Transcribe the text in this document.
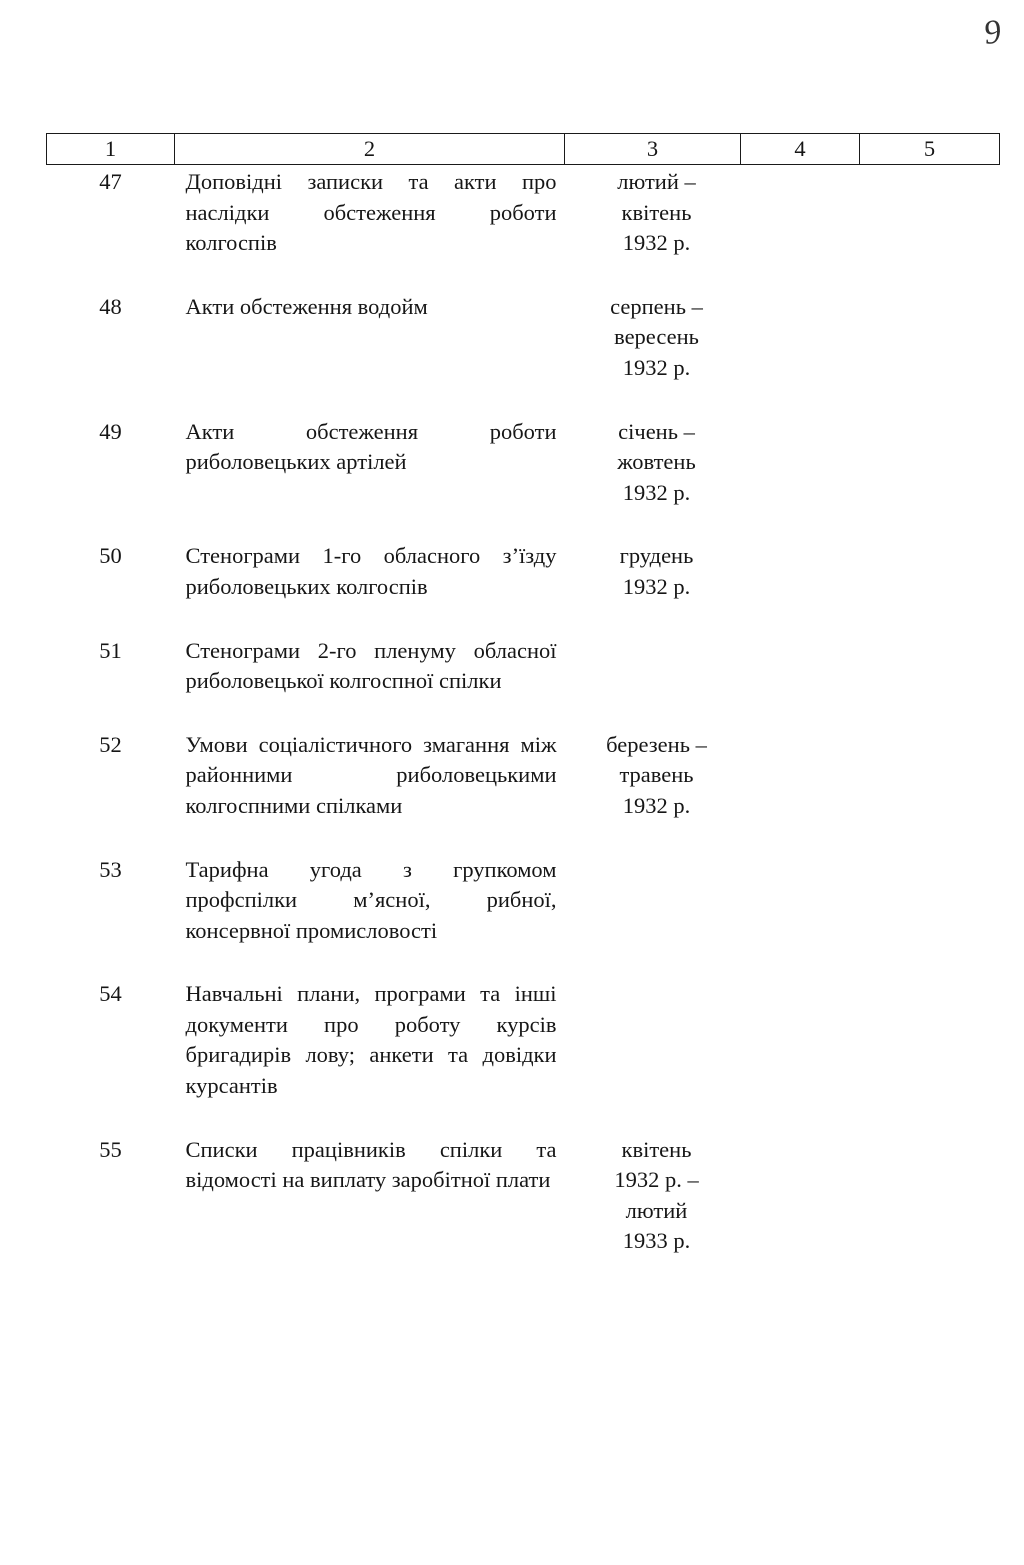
9
1	2	3	4	5
47	Доповідні записки та акти про наслідки обстеження роботи колгоспів	лютий –
квітень
1932 р.		
48	Акти обстеження водойм	серпень –
вересень
1932 р.		
49	Акти обстеження роботи риболовецьких артілей	січень –
жовтень
1932 р.		
50	Стенограми 1-го обласного з’їзду риболовецьких колгоспів	грудень
1932 р.		
51	Стенограми 2-го пленуму обласної риболовецької колгоспної спілки			
52	Умови соціалістичного змагання між районними риболовецькими колгоспними спілками	березень –
травень
1932 р.		
53	Тарифна угода з групкомом профспілки м’ясної, рибної, консервної промисловості			
54	Навчальні плани, програми та інші документи про роботу курсів бригадирів лову; анкети та довідки курсантів			
55	Списки працівників спілки та відомості на виплату заробітної плати	квітень
1932 р. –
лютий
1933 р.		
